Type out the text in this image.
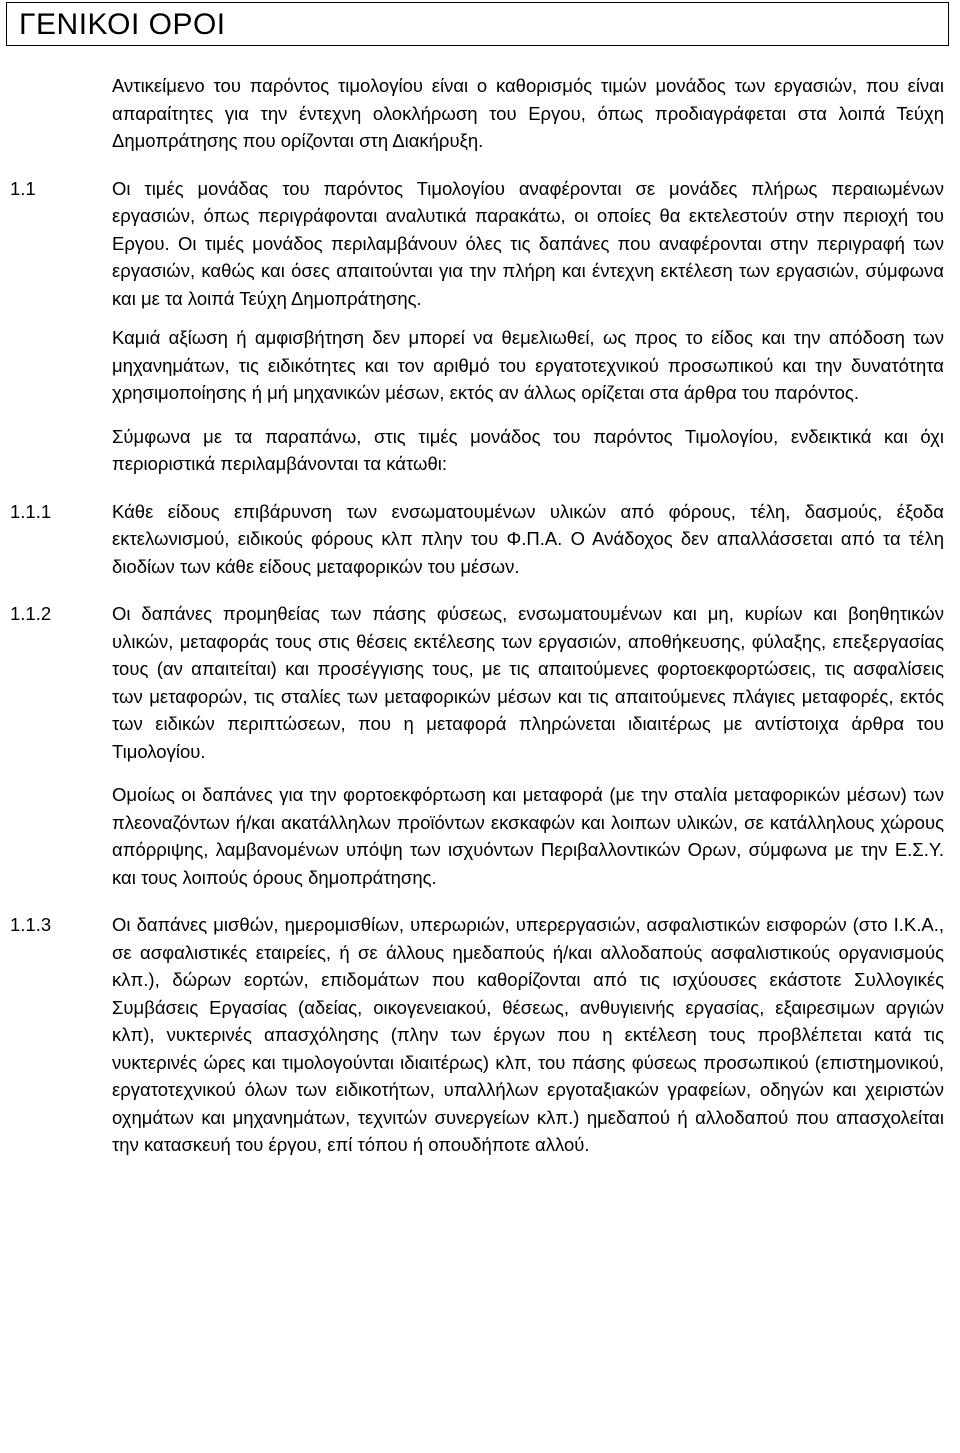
ΓΕΝΙΚΟΙ ΟΡΟΙ
Αντικείμενο του παρόντος τιμολογίου είναι ο καθορισμός τιμών μονάδος των εργασιών, που είναι απαραίτητες για την έντεχνη ολοκλήρωση του Εργου, όπως προδιαγράφεται στα λοιπά Τεύχη Δημοπράτησης που ορίζονται στη Διακήρυξη.
1.1	Οι τιμές μονάδας του παρόντος Τιμολογίου αναφέρονται σε μονάδες πλήρως περαιωμένων εργασιών, όπως περιγράφονται αναλυτικά παρακάτω, οι οποίες θα εκτελεστούν στην περιοχή του Εργου. Οι τιμές μονάδος περιλαμβάνουν όλες τις δαπάνες που αναφέρονται στην περιγραφή των εργασιών, καθώς και όσες απαιτούνται για την πλήρη και έντεχνη εκτέλεση των εργασιών, σύμφωνα και με τα λοιπά Τεύχη Δημοπράτησης.
Καμιά αξίωση ή αμφισβήτηση δεν μπορεί να θεμελιωθεί, ως προς το είδος και την απόδοση των μηχανημάτων, τις ειδικότητες και τον αριθμό του εργατοτεχνικού προσωπικού και την δυνατότητα χρησιμοποίησης ή μή μηχανικών μέσων, εκτός αν άλλως ορίζεται στα άρθρα του παρόντος.
Σύμφωνα με τα παραπάνω, στις τιμές μονάδος του παρόντος Τιμολογίου, ενδεικτικά και όχι περιοριστικά περιλαμβάνονται τα κάτωθι:
1.1.1	Κάθε είδους επιβάρυνση των ενσωματουμένων υλικών από φόρους, τέλη, δασμούς, έξοδα εκτελωνισμού, ειδικούς φόρους κλπ πλην του Φ.Π.Α. Ο Ανάδοχος δεν απαλλάσσεται από τα τέλη διοδίων των κάθε είδους μεταφορικών του μέσων.
1.1.2	Οι δαπάνες προμηθείας των πάσης φύσεως, ενσωματουμένων και μη, κυρίων και βοηθητικών υλικών, μεταφοράς τους στις θέσεις εκτέλεσης των εργασιών, αποθήκευσης, φύλαξης, επεξεργασίας τους (αν απαιτείται) και προσέγγισης τους, με τις απαιτούμενες φορτοεκφορτώσεις, τις ασφαλίσεις των μεταφορών, τις σταλίες των μεταφορικών μέσων και τις απαιτούμενες πλάγιες μεταφορές, εκτός των ειδικών περιπτώσεων, που η μεταφορά πληρώνεται ιδιαιτέρως με αντίστοιχα άρθρα του Τιμολογίου.
Ομοίως οι δαπάνες για την φορτοεκφόρτωση και μεταφορά (με την σταλία μεταφορικών μέσων) των πλεοναζόντων ή/και ακατάλληλων προϊόντων εκσκαφών και λοιπων υλικών, σε κατάλληλους χώρους απόρριψης, λαμβανομένων υπόψη των ισχυόντων Περιβαλλοντικών Ορων, σύμφωνα με την Ε.Σ.Υ. και τους λοιπούς όρους δημοπράτησης.
1.1.3	Οι δαπάνες μισθών, ημερομισθίων, υπερωριών, υπερεργασιών, ασφαλιστικών εισφορών (στο Ι.Κ.Α., σε ασφαλιστικές εταιρείες, ή σε άλλους ημεδαπούς ή/και αλλοδαπούς ασφαλιστικούς οργανισμούς κλπ.), δώρων εορτών, επιδομάτων που καθορίζονται από τις ισχύουσες εκάστοτε Συλλογικές Συμβάσεις Εργασίας (αδείας, οικογενειακού, θέσεως, ανθυγιεινής εργασίας, εξαιρεσιμων αργιών κλπ), νυκτερινές απασχόλησης (πλην των έργων που η εκτέλεση τους προβλέπεται κατά τις νυκτερινές ώρες και τιμολογούνται ιδιαιτέρως) κλπ, του πάσης φύσεως προσωπικού (επιστημονικού, εργατοτεχνικού όλων των ειδικοτήτων, υπαλλήλων εργοταξιακών γραφείων, οδηγών και χειριστών οχημάτων και μηχανημάτων, τεχνιτών συνεργείων κλπ.) ημεδαπού ή αλλοδαπού που απασχολείται την κατασκευή του έργου, επί τόπου ή οπουδήποτε αλλού.
